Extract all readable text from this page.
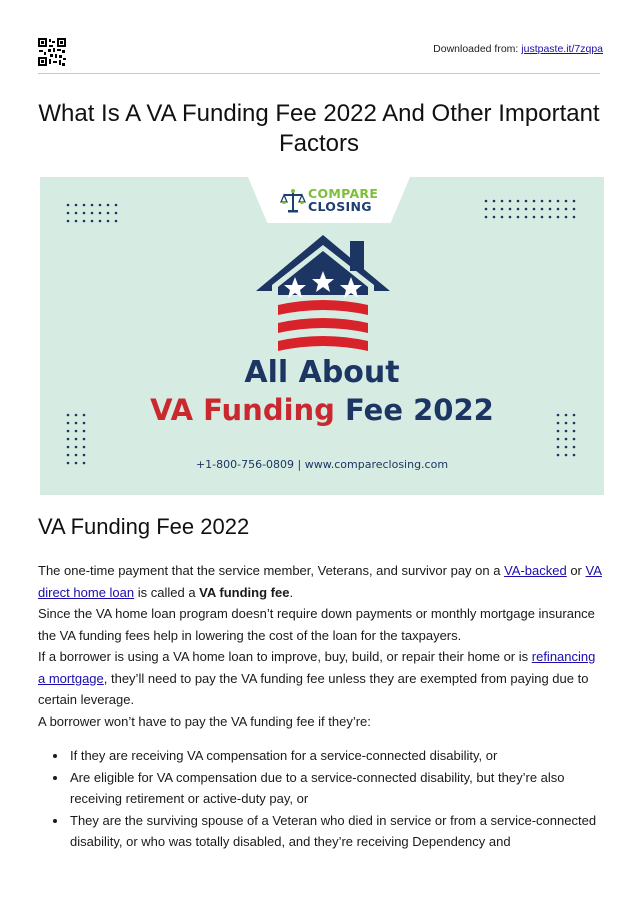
Downloaded from: justpaste.it/7zqpa
What Is A VA Funding Fee 2022 And Other Important Factors
COMPARE
CLOSING
All About
VA Funding Fee 2022
+1-800-756-0809 | www.compareclosing.com
VA Funding Fee 2022

The one-time payment that the service member, Veterans, and survivor pay on a VA-backed or VA direct home loan is called a VA funding fee.

Since the VA home loan program doesn’t require down payments or monthly mortgage insurance the VA funding fees help in lowering the cost of the loan for the taxpayers.

If a borrower is using a VA home loan to improve, buy, build, or repair their home or is refinancing a mortgage, they’ll need to pay the VA funding fee unless they are exempted from paying due to certain leverage.

A borrower won’t have to pay the VA funding fee if they’re:

• If they are receiving VA compensation for a service-connected disability, or
• Are eligible for VA compensation due to a service-connected disability, but they’re also receiving retirement or active-duty pay, or
• They are the surviving spouse of a Veteran who died in service or from a service-connected disability, or who was totally disabled, and they’re receiving Dependency and
